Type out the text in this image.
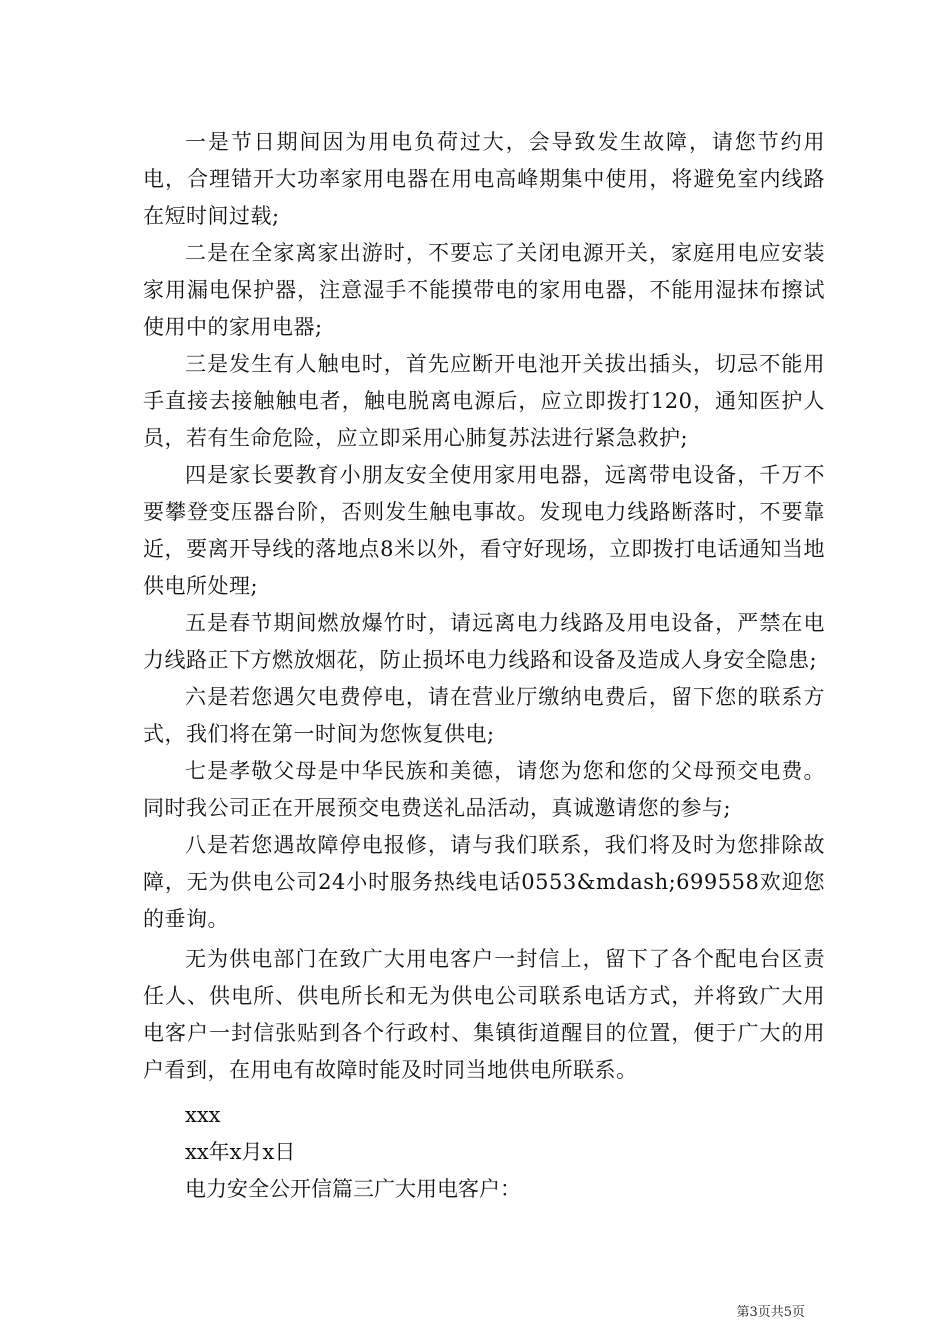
一是节日期间因为用电负荷过大，会导致发生故障，请您节约用电，合理错开大功率家用电器在用电高峰期集中使用，将避免室内线路在短时间过载;

二是在全家离家出游时，不要忘了关闭电源开关，家庭用电应安装家用漏电保护器，注意湿手不能摸带电的家用电器，不能用湿抹布擦试使用中的家用电器;

三是发生有人触电时，首先应断开电池开关拔出插头，切忌不能用手直接去接触触电者，触电脱离电源后，应立即拨打120，通知医护人员，若有生命危险，应立即采用心肺复苏法进行紧急救护;

四是家长要教育小朋友安全使用家用电器，远离带电设备，千万不要攀登变压器台阶，否则发生触电事故。发现电力线路断落时，不要靠近，要离开导线的落地点8米以外，看守好现场，立即拨打电话通知当地供电所处理;

五是春节期间燃放爆竹时，请远离电力线路及用电设备，严禁在电力线路正下方燃放烟花，防止损坏电力线路和设备及造成人身安全隐患;

六是若您遇欠电费停电，请在营业厅缴纳电费后，留下您的联系方式，我们将在第一时间为您恢复供电;

七是孝敬父母是中华民族和美德，请您为您和您的父母预交电费。同时我公司正在开展预交电费送礼品活动，真诚邀请您的参与;

八是若您遇故障停电报修，请与我们联系，我们将及时为您排除故障，无为供电公司24小时服务热线电话0553&mdash;699558欢迎您的垂询。

无为供电部门在致广大用电客户一封信上，留下了各个配电台区责任人、供电所、供电所长和无为供电公司联系电话方式，并将致广大用电客户一封信张贴到各个行政村、集镇街道醒目的位置，便于广大的用户看到，在用电有故障时能及时同当地供电所联系。

xxx

xx年x月x日

电力安全公开信篇三广大用电客户：

第3页共5页
